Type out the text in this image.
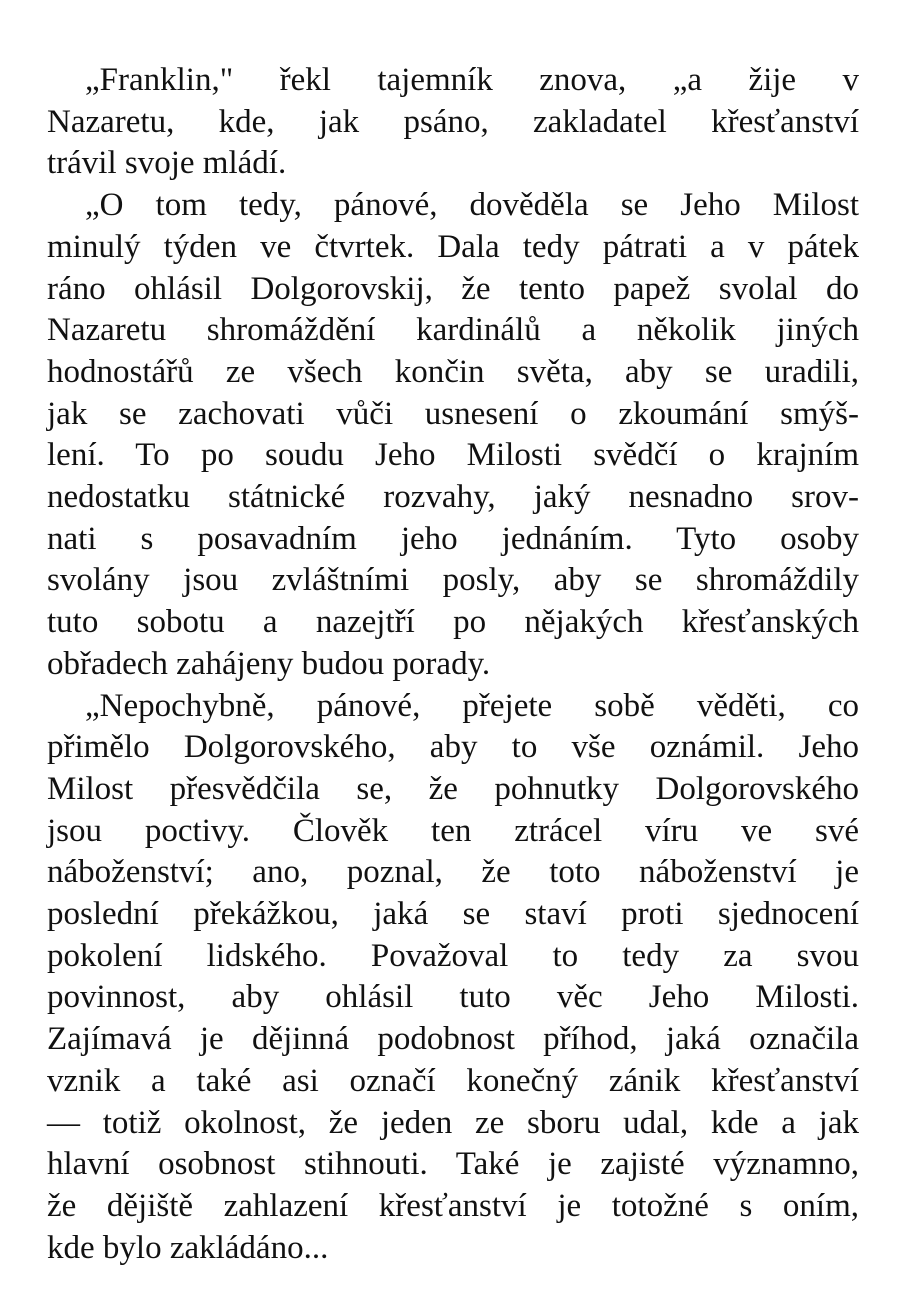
„Franklin," řekl tajemník znova, „a žije v
Nazaretu, kde, jak psáno, zakladatel křesťanství
trávil svoje mládí.
„O tom tedy, pánové, dověděla se Jeho Milost
minulý týden ve čtvrtek. Dala tedy pátrati a v pátek
ráno ohlásil Dolgorovskij, že tento papež svolal do
Nazaretu shromáždění kardinálů a několik jiných
hodnostářů ze všech končin světa, aby se uradili,
jak se zachovati vůči usnesení o zkoumání smýš-
lení. To po soudu Jeho Milosti svědčí o krajním
nedostatku státnické rozvahy, jaký nesnadno srov-
nati s posavadním jeho jednáním. Tyto osoby
svolány jsou zvláštními posly, aby se shromáždily
tuto sobotu a nazejtří po nějakých křesťanských
obřadech zahájeny budou porady.
„Nepochybně, pánové, přejete sobě věděti, co
přimělo Dolgorovského, aby to vše oznámil. Jeho
Milost přesvědčila se, že pohnutky Dolgorovského
jsou poctivy. Člověk ten ztrácel víru ve své
náboženství; ano, poznal, že toto náboženství je
poslední překážkou, jaká se staví proti sjednocení
pokolení lidského. Považoval to tedy za svou
povinnost, aby ohlásil tuto věc Jeho Milosti.
Zajímavá je dějinná podobnost příhod, jaká označila
vznik a také asi označí konečný zánik křesťanství
— totiž okolnost, že jeden ze sboru udal, kde a jak
hlavní osobnost stihnouti. Také je zajisté významno,
že dějiště zahlazení křesťanství je totožné s oním,
kde bylo zakládáno...
